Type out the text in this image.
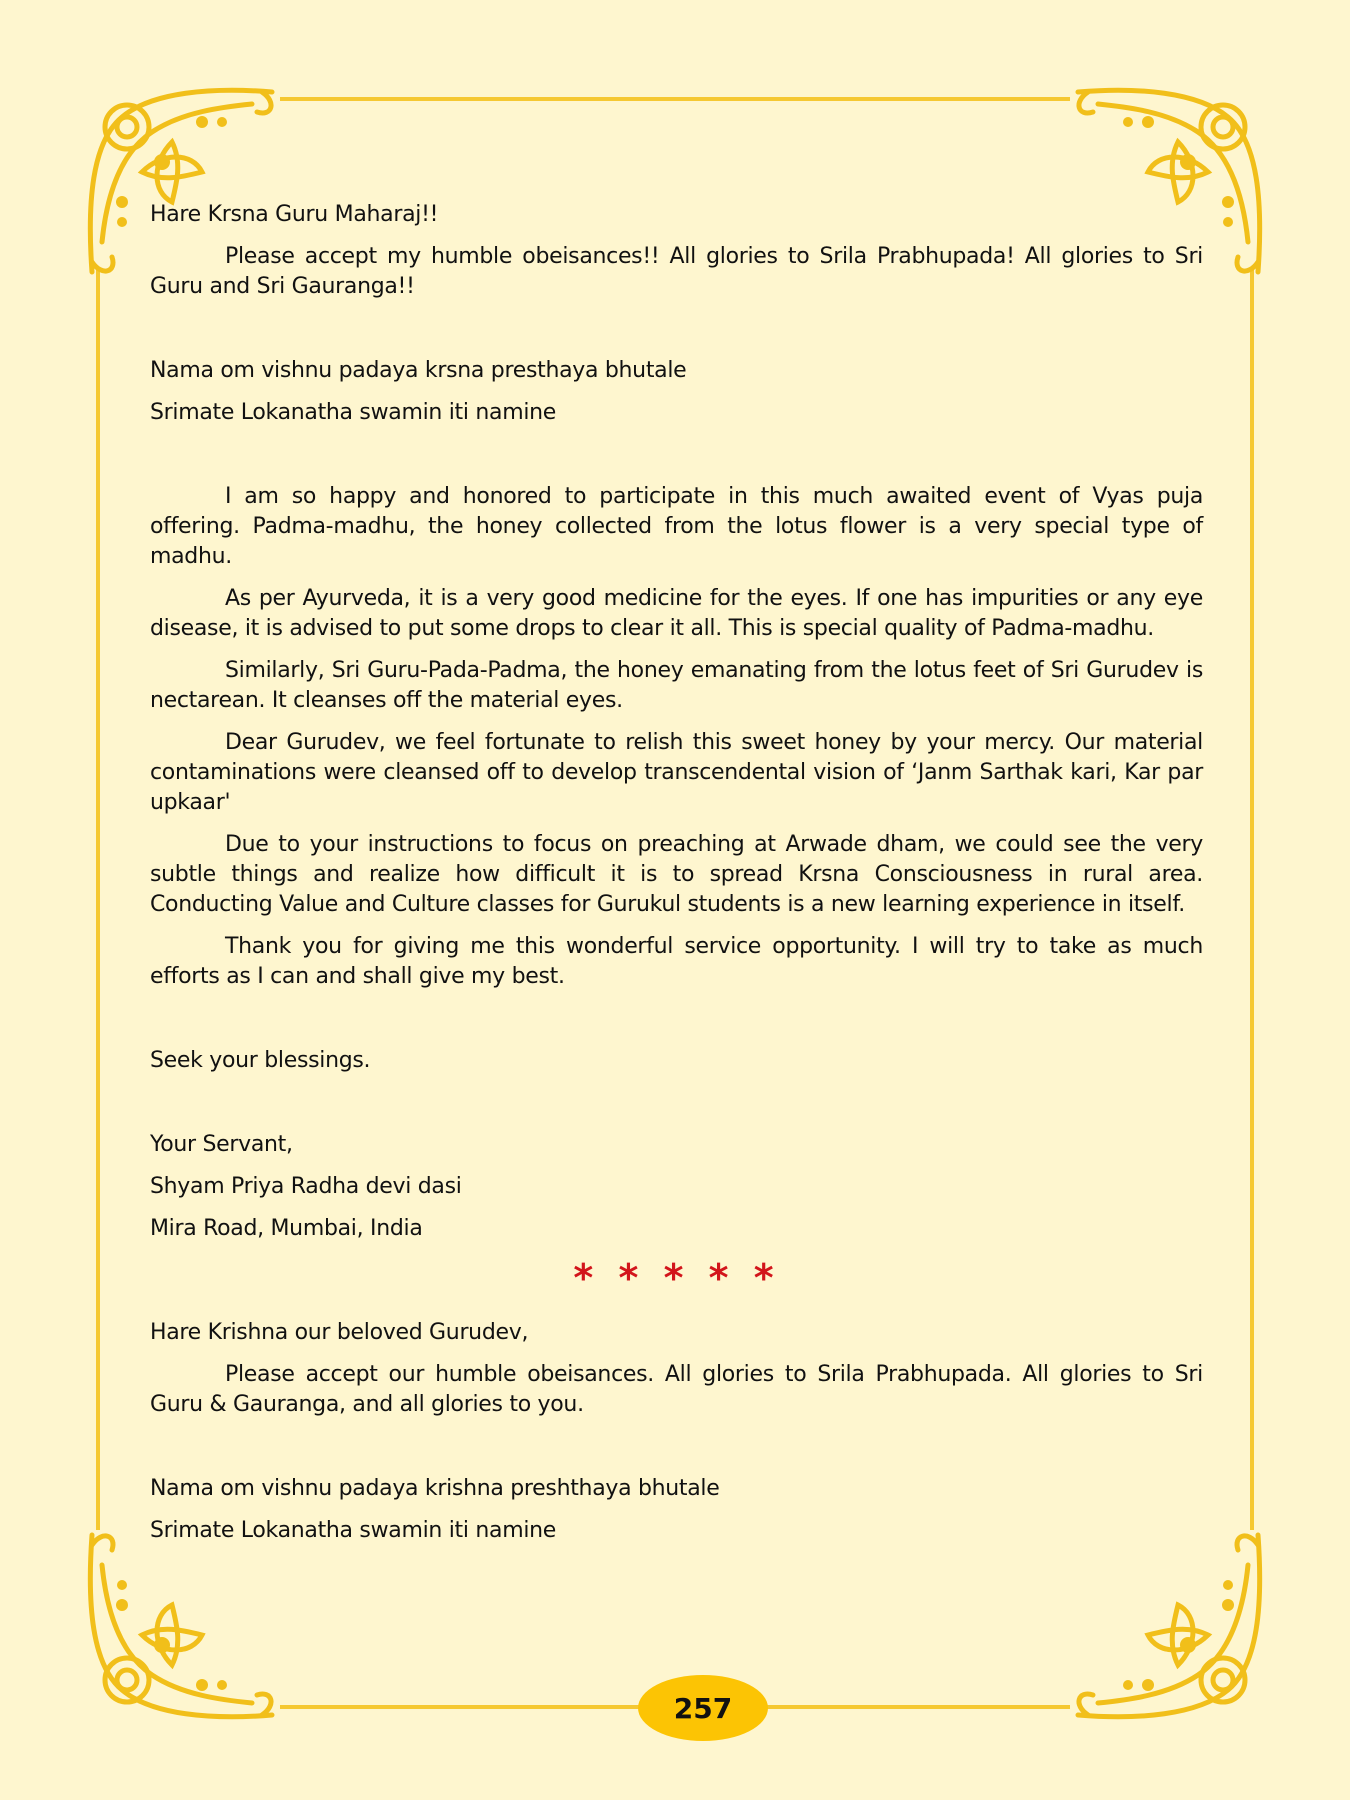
Hare Krsna Guru Maharaj!!

Please accept my humble obeisances!! All glories to Srila Prabhupada! All glories to Sri Guru and Sri Gauranga!!

Nama om vishnu padaya krsna presthaya bhutale

Srimate Lokanatha swamin iti namine

I am so happy and honored to participate in this much awaited event of Vyas puja offering. Padma-madhu, the honey collected from the lotus flower is a very special type of madhu.

As per Ayurveda, it is a very good medicine for the eyes. If one has impurities or any eye disease, it is advised to put some drops to clear it all. This is special quality of Padma-madhu.

Similarly, Sri Guru-Pada-Padma, the honey emanating from the lotus feet of Sri Gurudev is nectarean. It cleanses off the material eyes.

Dear Gurudev, we feel fortunate to relish this sweet honey by your mercy. Our material contaminations were cleansed off to develop transcendental vision of ‘Janm Sarthak kari, Kar par upkaar'

Due to your instructions to focus on preaching at Arwade dham, we could see the very subtle things and realize how difficult it is to spread Krsna Consciousness in rural area. Conducting Value and Culture classes for Gurukul students is a new learning experience in itself.

Thank you for giving me this wonderful service opportunity. I will try to take as much efforts as I can and shall give my best.

Seek your blessings.

Your Servant,

Shyam Priya Radha devi dasi

Mira Road, Mumbai, India

* * * * *

Hare Krishna our beloved Gurudev,

Please accept our humble obeisances. All glories to Srila Prabhupada. All glories to Sri Guru & Gauranga, and all glories to you.

Nama om vishnu padaya krishna preshthaya bhutale

Srimate Lokanatha swamin iti namine

257
